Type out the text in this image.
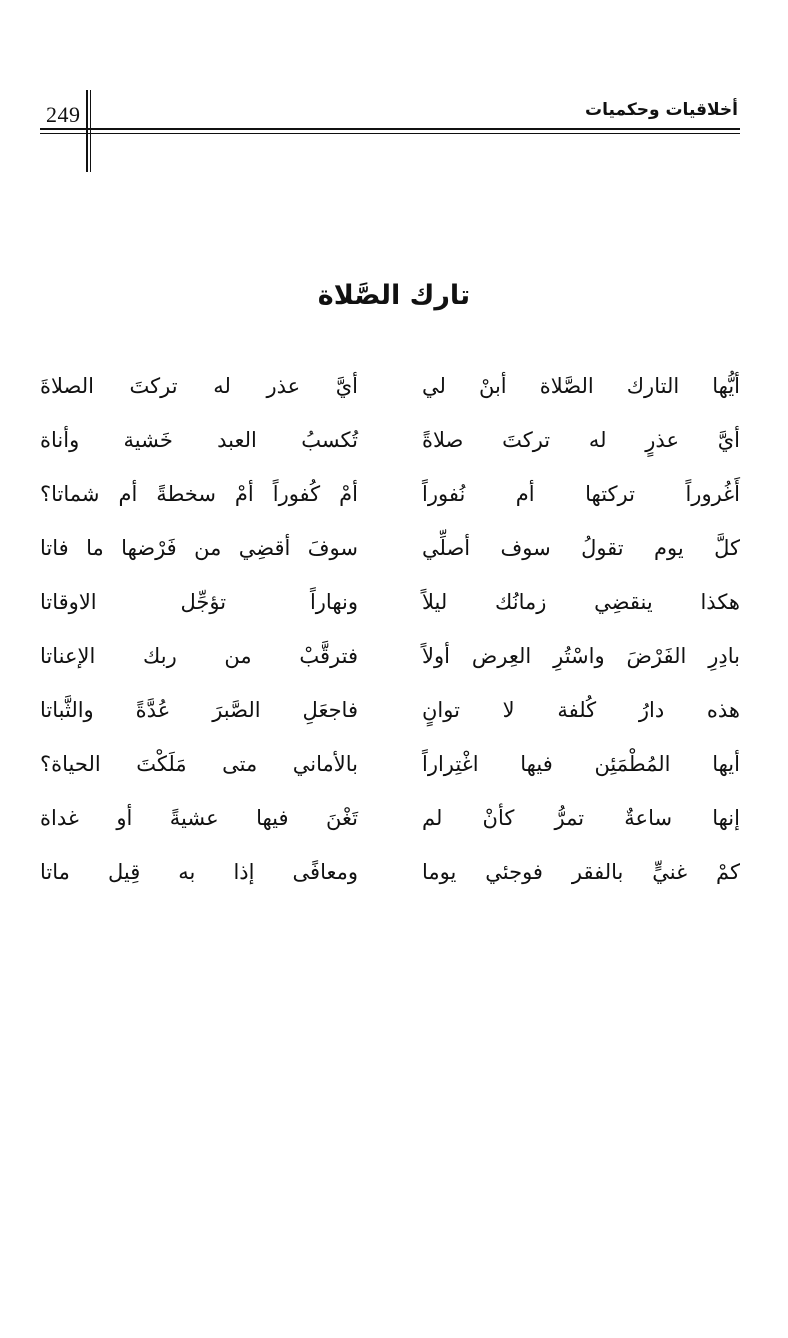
249	أخلاقيات وحكميات
تارك الصَّلاة
أيُّها التارك الصَّلاة أبنْ لي
أيَّ عذر له تركتَ الصلاةَ
أيَّ عذرٍ له تركتَ صلاةً
تُكسبُ العبد خَشية وأناة
أَغُروراً تركتها أم نُفوراً
أمْ كُفوراً أمْ سخطةً أم شماتا؟
كلَّ يوم تقولُ سوف أصلِّي
سوفَ أقضِي من فَرْضها ما فاتا
هكذا ينقضِي زمانُك ليلاً
ونهاراً تؤجِّل الاوقاتا
بادِرِ الفَرْضَ واسْتُرِ العِرض أولاً
فترقَّبْ من ربك الإعناتا
هذه دارُ كُلفة لا توانٍ
فاجعَلِ الصَّبرَ عُدَّةً والثَّباتا
أيها المُطْمَئِن فيها اغْتِراراً
بالأماني متى مَلَكْتَ الحياة؟
إنها ساعةٌ تمرُّ كأنْ لم
تَغْنَ فيها عشيةً أو غداة
كمْ غنيٍّ بالفقر فوجئي يوما
ومعافًى إذا به قِيل ماتا
